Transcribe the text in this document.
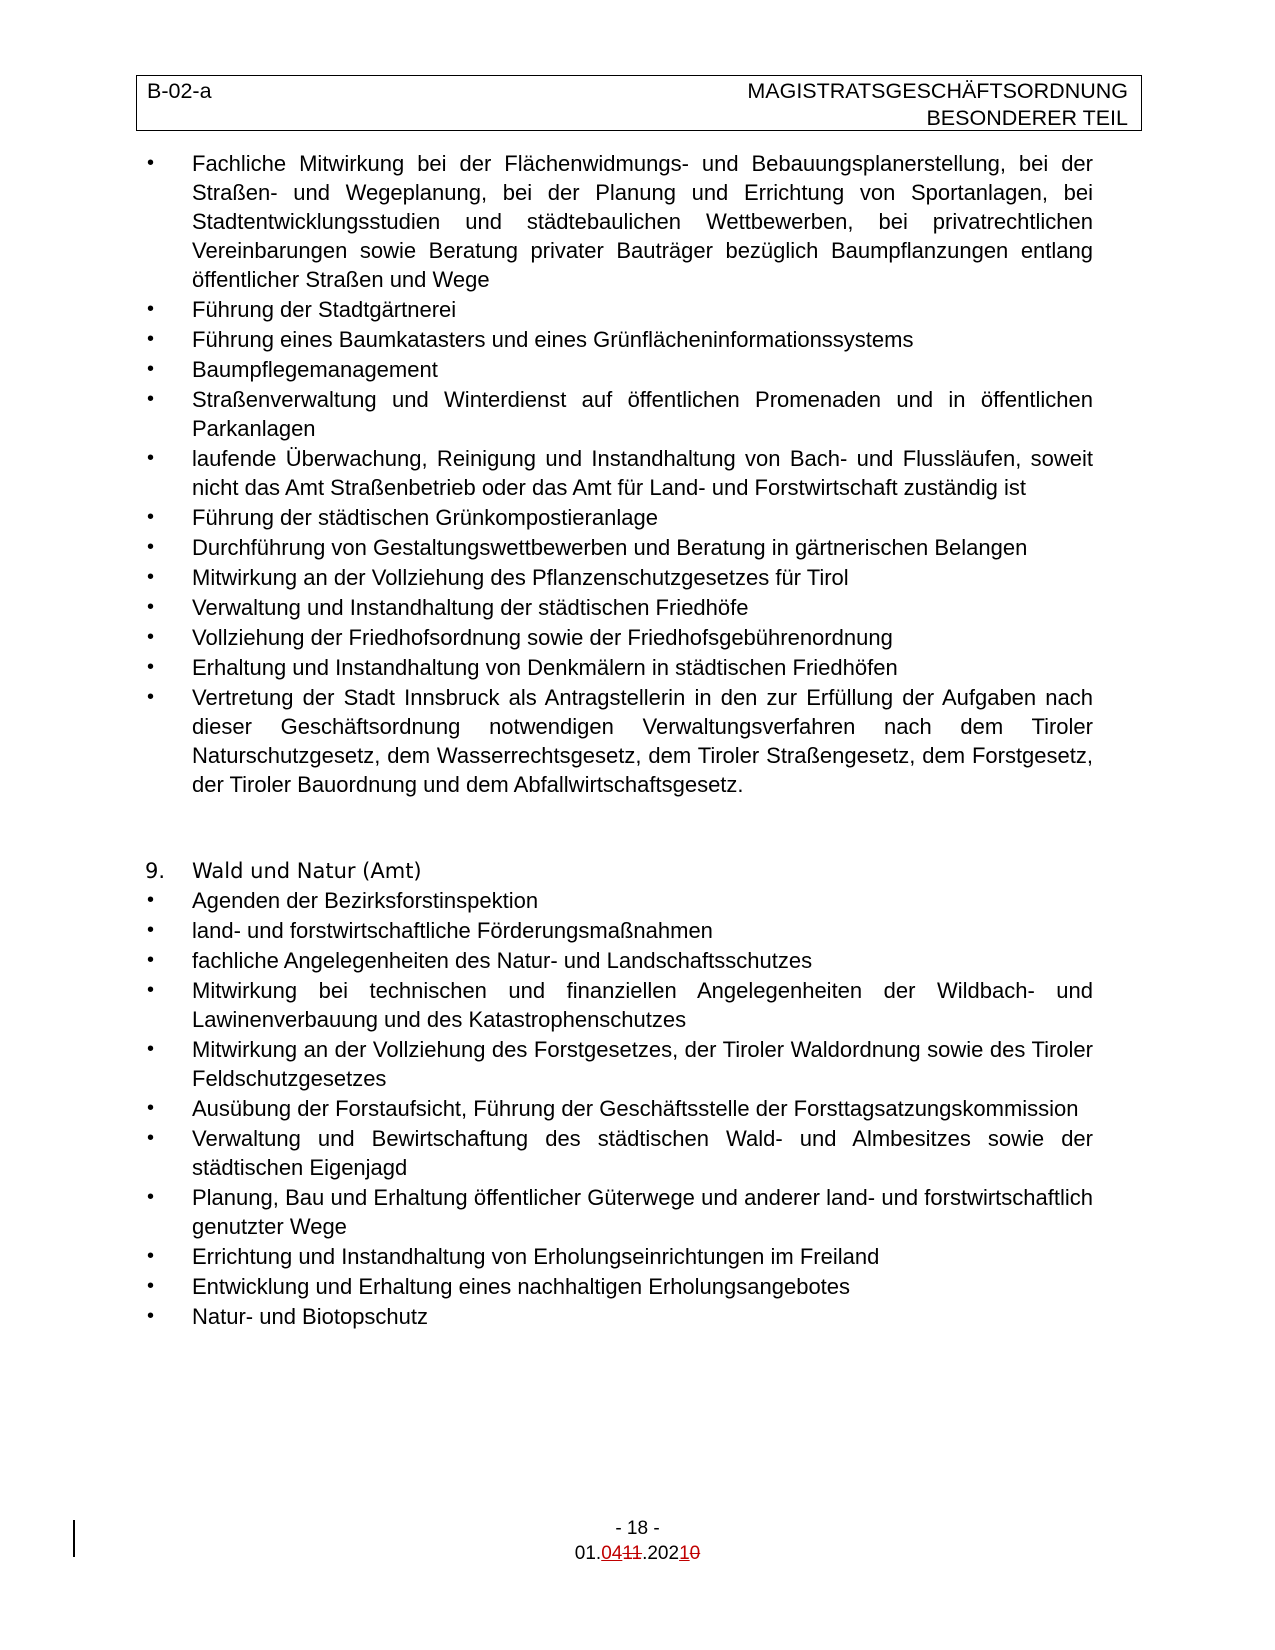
B-02-a	MAGISTRATSGESCHÄFTSORDNUNG
BESONDERER TEIL
• Fachliche Mitwirkung bei der Flächenwidmungs- und Bebauungsplanerstellung, bei der Straßen- und Wegeplanung, bei der Planung und Errichtung von Sportanlagen, bei Stadtentwicklungsstudien und städtebaulichen Wettbewerben, bei privatrechtlichen Vereinbarungen sowie Beratung privater Bauträger bezüglich Baumpflanzungen entlang öffentlicher Straßen und Wege
• Führung der Stadtgärtnerei
• Führung eines Baumkatasters und eines Grünflächeninformationssystems
• Baumpflegemanagement
• Straßenverwaltung und Winterdienst auf öffentlichen Promenaden und in öffentlichen Parkanlagen
• laufende Überwachung, Reinigung und Instandhaltung von Bach- und Flussläufen, soweit nicht das Amt Straßenbetrieb oder das Amt für Land- und Forstwirtschaft zuständig ist
• Führung der städtischen Grünkompostieranlage
• Durchführung von Gestaltungswettbewerben und Beratung in gärtnerischen Belangen
• Mitwirkung an der Vollziehung des Pflanzenschutzgesetzes für Tirol
• Verwaltung und Instandhaltung der städtischen Friedhöfe
• Vollziehung der Friedhofsordnung sowie der Friedhofsgebührenordnung
• Erhaltung und Instandhaltung von Denkmälern in städtischen Friedhöfen
• Vertretung der Stadt Innsbruck als Antragstellerin in den zur Erfüllung der Aufgaben nach dieser Geschäftsordnung notwendigen Verwaltungsverfahren nach dem Tiroler Naturschutzgesetz, dem Wasserrechtsgesetz, dem Tiroler Straßengesetz, dem Forstgesetz, der Tiroler Bauordnung und dem Abfallwirtschaftsgesetz.
9. Wald und Natur (Amt)
• Agenden der Bezirksforstinspektion
• land- und forstwirtschaftliche Förderungsmaßnahmen
• fachliche Angelegenheiten des Natur- und Landschaftsschutzes
• Mitwirkung bei technischen und finanziellen Angelegenheiten der Wildbach- und Lawinenverbauung und des Katastrophenschutzes
• Mitwirkung an der Vollziehung des Forstgesetzes, der Tiroler Waldordnung sowie des Tiroler Feldschutzgesetzes
• Ausübung der Forstaufsicht, Führung der Geschäftsstelle der Forsttagsatzungskommission
• Verwaltung und Bewirtschaftung des städtischen Wald- und Almbesitzes sowie der städtischen Eigenjagd
• Planung, Bau und Erhaltung öffentlicher Güterwege und anderer land- und forstwirtschaftlich genutzter Wege
• Errichtung und Instandhaltung von Erholungseinrichtungen im Freiland
• Entwicklung und Erhaltung eines nachhaltigen Erholungsangebotes
• Natur- und Biotopschutz
- 18 -
01.0411.20210
